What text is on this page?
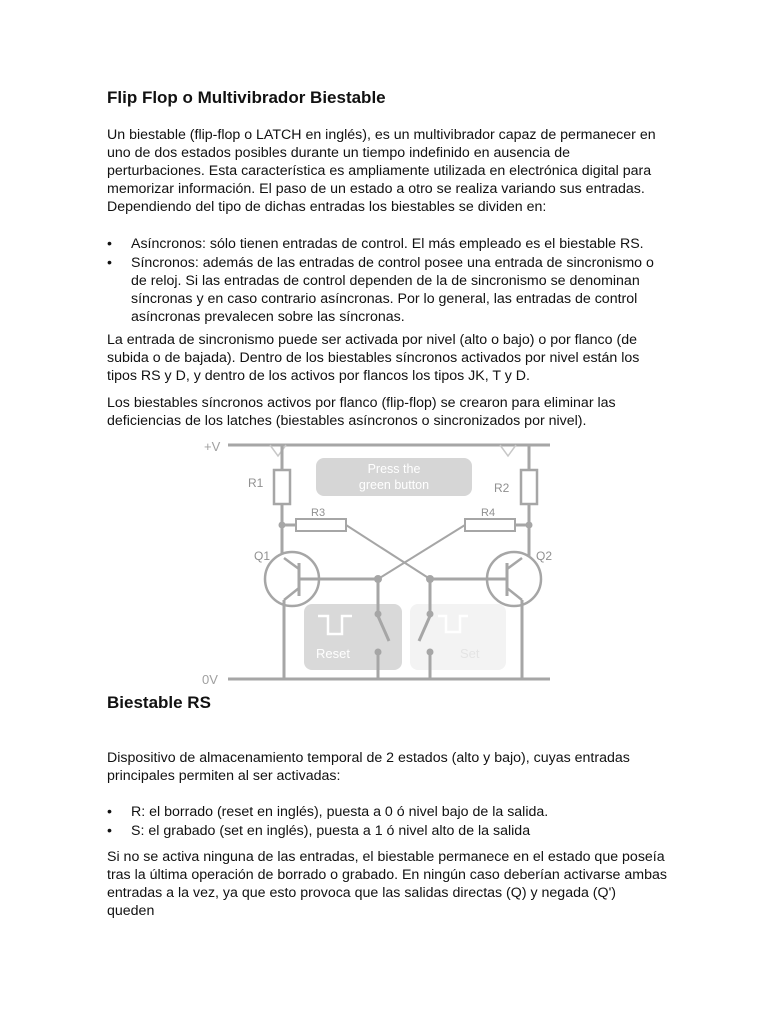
Flip Flop o Multivibrador Biestable

Un biestable (flip-flop o LATCH en inglés), es un multivibrador capaz de permanecer en uno de dos estados posibles durante un tiempo indefinido en ausencia de perturbaciones. Esta característica es ampliamente utilizada en electrónica digital para memorizar información. El paso de un estado a otro se realiza variando sus entradas. Dependiendo del tipo de dichas entradas los biestables se dividen en:

• Asíncronos: sólo tienen entradas de control. El más empleado es el biestable RS.
• Síncronos: además de las entradas de control posee una entrada de sincronismo o de reloj. Si las entradas de control dependen de la de sincronismo se denominan síncronas y en caso contrario asíncronas. Por lo general, las entradas de control asíncronas prevalecen sobre las síncronas.

La entrada de sincronismo puede ser activada por nivel (alto o bajo) o por flanco (de subida o de bajada). Dentro de los biestables síncronos activados por nivel están los tipos RS y D, y dentro de los activos por flancos los tipos JK, T y D.

Los biestables síncronos activos por flanco (flip-flop) se crearon para eliminar las deficiencias de los latches (biestables asíncronos o sincronizados por nivel).

+V
0V
R1
R3
Q1
R2
R4
Q2
Press the
green button
Reset	Set
Biestable RS

Dispositivo de almacenamiento temporal de 2 estados (alto y bajo), cuyas entradas principales permiten al ser activadas:

• R: el borrado (reset en inglés), puesta a 0 ó nivel bajo de la salida.
• S: el grabado (set en inglés), puesta a 1 ó nivel alto de la salida

Si no se activa ninguna de las entradas, el biestable permanece en el estado que poseía tras la última operación de borrado o grabado. En ningún caso deberían activarse ambas entradas a la vez, ya que esto provoca que las salidas directas (Q) y negada (Q') queden
